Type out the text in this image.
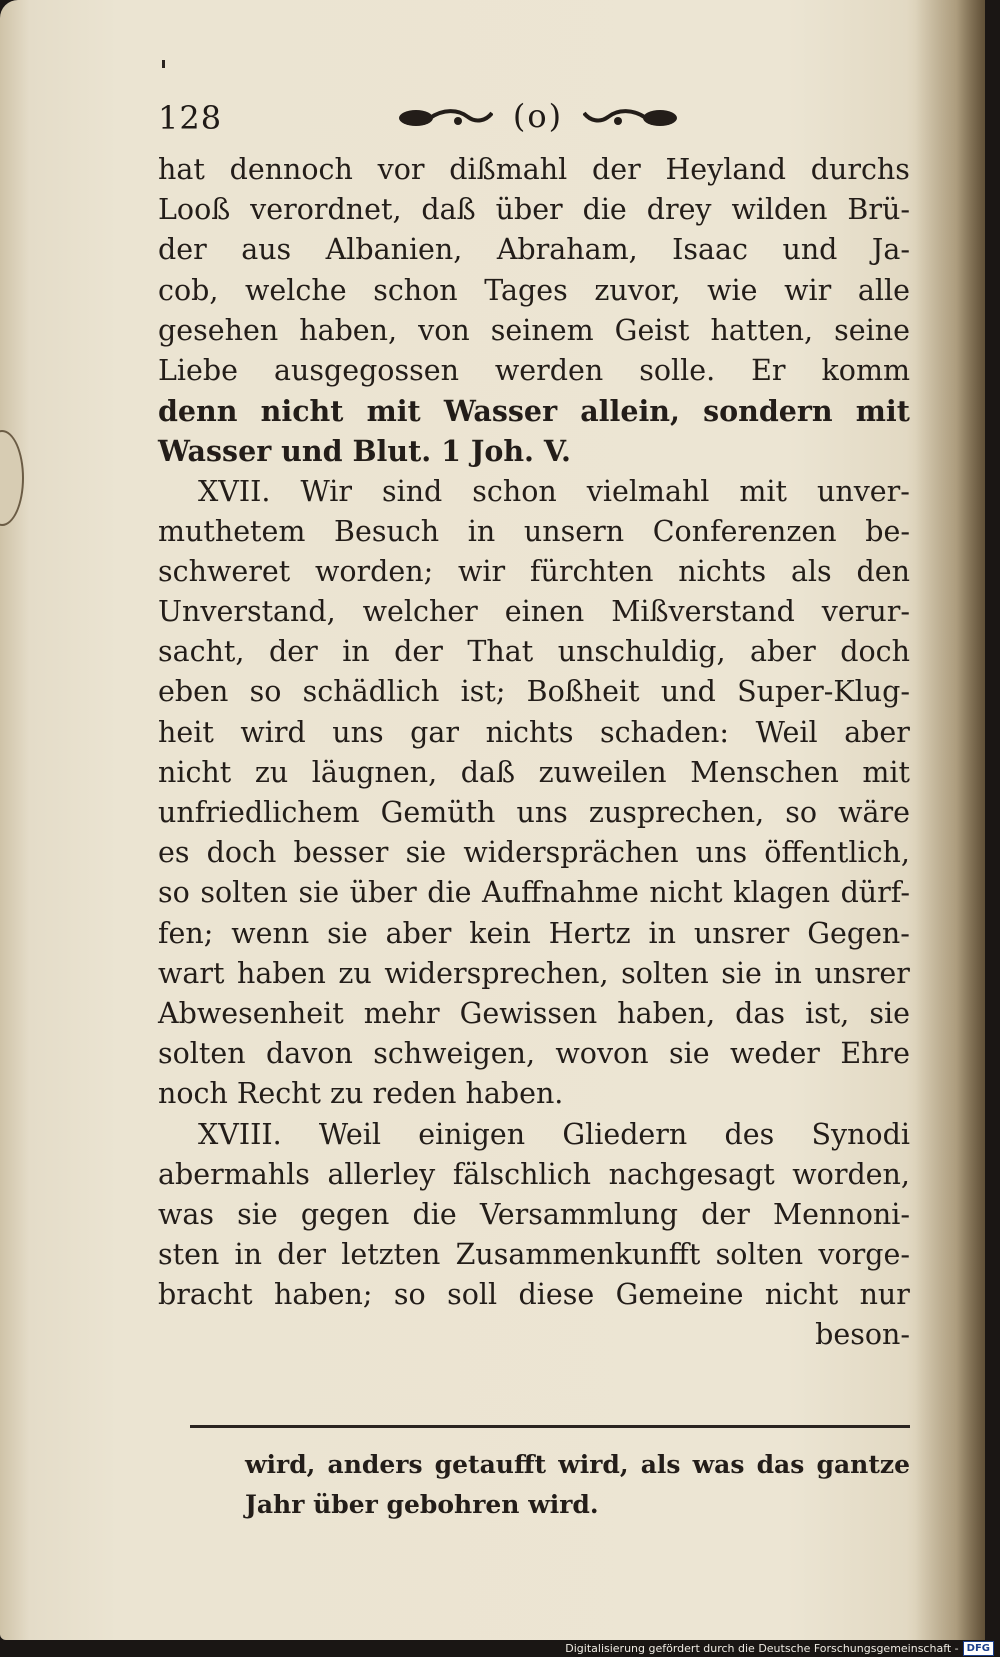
128	(o)
hat dennoch vor dißmahl der Heyland durchs
Looß verordnet, daß über die drey wilden Brü-
der aus Albanien, Abraham, Isaac und Ja-
cob, welche schon Tages zuvor, wie wir alle
gesehen haben, von seinem Geist hatten, seine
Liebe ausgegossen werden solle. Er komm
denn nicht mit Wasser allein, sondern mit
Wasser und Blut. 1 Joh. V.
XVII. Wir sind schon vielmahl mit unver-
muthetem Besuch in unsern Conferenzen be-
schweret worden; wir fürchten nichts als den
Unverstand, welcher einen Mißverstand verur-
sacht, der in der That unschuldig, aber doch
eben so schädlich ist; Boßheit und Super-Klug-
heit wird uns gar nichts schaden: Weil aber
nicht zu läugnen, daß zuweilen Menschen mit
unfriedlichem Gemüth uns zusprechen, so wäre
es doch besser sie widersprächen uns öffentlich,
so solten sie über die Auffnahme nicht klagen dürf-
fen; wenn sie aber kein Hertz in unsrer Gegen-
wart haben zu widersprechen, solten sie in unsrer
Abwesenheit mehr Gewissen haben, das ist, sie
solten davon schweigen, wovon sie weder Ehre
noch Recht zu reden haben.
XVIII. Weil einigen Gliedern des Synodi
abermahls allerley fälschlich nachgesagt worden,
was sie gegen die Versammlung der Mennoni-
sten in der letzten Zusammenkunfft solten vorge-
bracht haben; so soll diese Gemeine nicht nur
beson-
wird, anders getaufft wird, als was das gantze
Jahr über gebohren wird.
Digitalisierung gefördert durch die Deutsche Forschungsgemeinschaft - DFG
